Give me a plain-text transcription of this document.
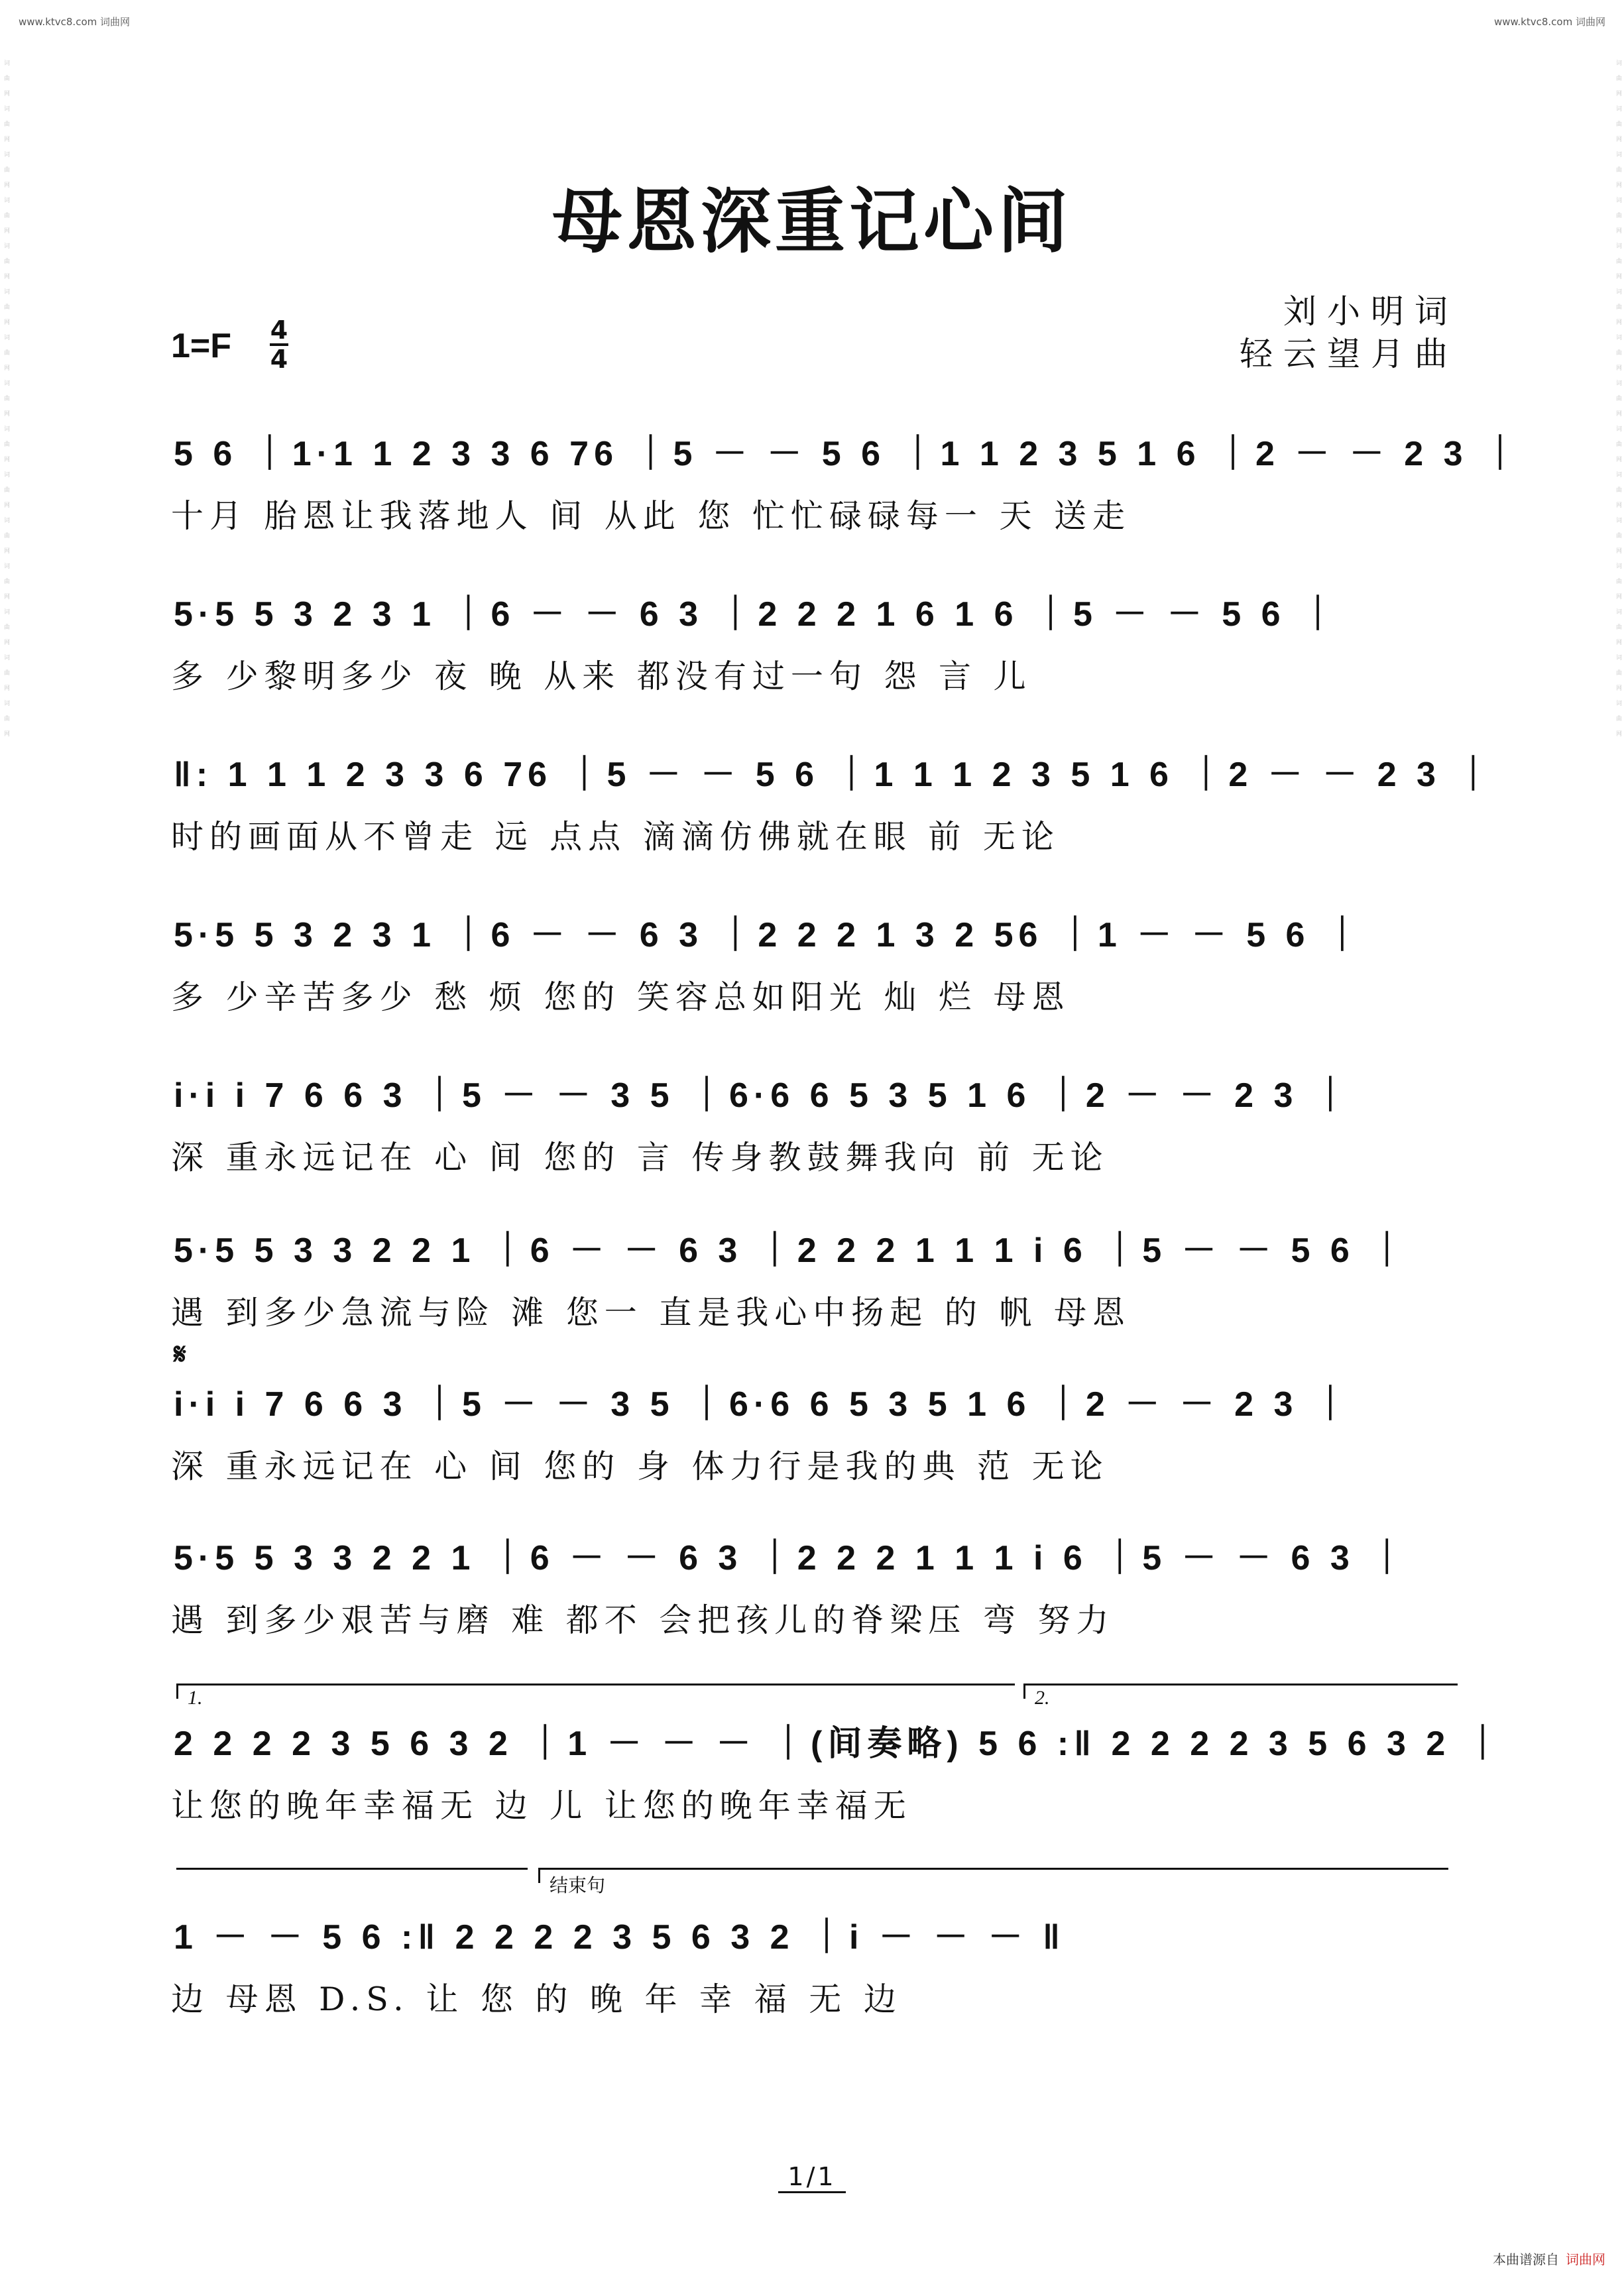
www.ktvc8.com 词曲网	www.ktvc8.com 词曲网
词曲网词曲网词曲网词曲网词曲网词曲网词曲网词曲网词曲网词曲网词曲网词曲网词曲网词曲网词曲网	词曲网词曲网词曲网词曲网词曲网词曲网词曲网词曲网词曲网词曲网词曲网词曲网词曲网词曲网词曲网
母恩深重记心间
刘小明词
轻云望月曲
1=F 4
4
5 6 ｜1·1 1 2 3 3 6 76 ｜5 － － 5 6 ｜1 1 2 3 5 1 6 ｜2 － － 2 3 ｜
十月 胎恩让我落地人 间 从此 您 忙忙碌碌每一 天 送走
5·5 5 3 2 3 1 ｜6 － － 6 3 ｜2 2 2 1 6 1 6 ｜5 － － 5 6 ｜
多 少黎明多少 夜 晚 从来 都没有过一句 怨 言 儿
‖: 1 1 1 2 3 3 6 76 ｜5 － － 5 6 ｜1 1 1 2 3 5 1 6 ｜2 － － 2 3 ｜
时的画面从不曾走 远 点点 滴滴仿佛就在眼 前 无论
5·5 5 3 2 3 1 ｜6 － － 6 3 ｜2 2 2 1 3 2 56 ｜1 － － 5 6 ｜
多 少辛苦多少 愁 烦 您的 笑容总如阳光 灿 烂 母恩
i·i i 7 6 6 3 ｜5 － － 3 5 ｜6·6 6 5 3 5 1 6 ｜2 － － 2 3 ｜
深 重永远记在 心 间 您的 言 传身教鼓舞我向 前 无论
5·5 5 3 3 2 2 1 ｜6 － － 6 3 ｜2 2 2 1 1 1 i 6 ｜5 － － 5 6 ｜
遇 到多少急流与险 滩 您一 直是我心中扬起 的 帆 母恩
𝄋
i·i i 7 6 6 3 ｜5 － － 3 5 ｜6·6 6 5 3 5 1 6 ｜2 － － 2 3 ｜
深 重永远记在 心 间 您的 身 体力行是我的典 范 无论
5·5 5 3 3 2 2 1 ｜6 － － 6 3 ｜2 2 2 1 1 1 i 6 ｜5 － － 6 3 ｜
遇 到多少艰苦与磨 难 都不 会把孩儿的脊梁压 弯 努力
1.	2.
2 2 2 2 3 5 6 3 2 ｜1 － － － ｜(间奏略) 5 6 :‖ 2 2 2 2 3 5 6 3 2 ｜
让您的晚年幸福无 边 儿 让您的晚年幸福无
结束句
1 － － 5 6 :‖ 2 2 2 2 3 5 6 3 2 ｜i － － － ‖
边 母恩 D.S. 让 您 的 晚 年 幸 福 无 边
1/1
本曲谱源自 词曲网
